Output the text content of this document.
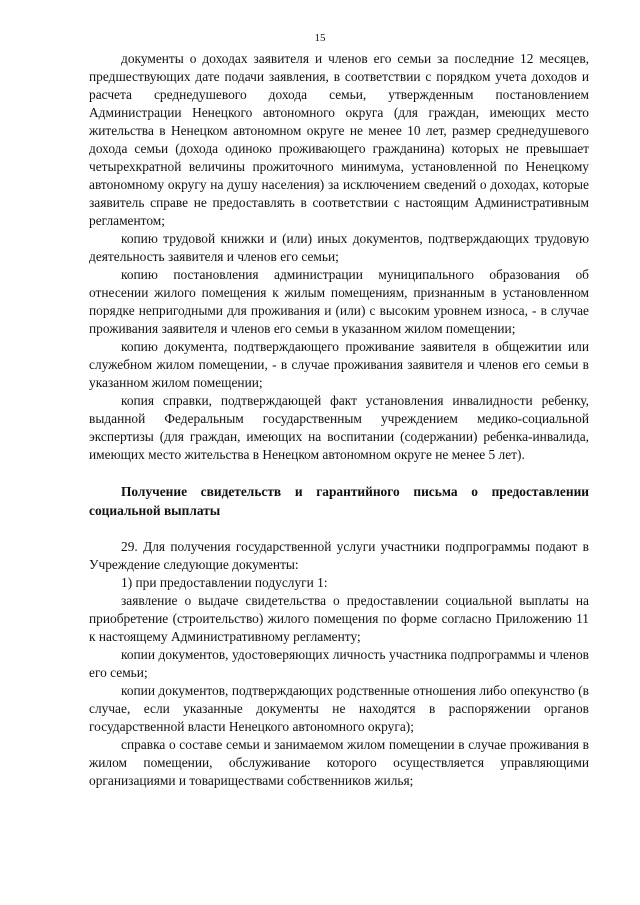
15

документы о доходах заявителя и членов его семьи за последние 12 месяцев, предшествующих дате подачи заявления, в соответствии с порядком учета доходов и расчета среднедушевого дохода семьи, утвержденным постановлением Администрации Ненецкого автономного округа (для граждан, имеющих место жительства в Ненецком автономном округе не менее 10 лет, размер среднедушевого дохода семьи (дохода одиноко проживающего гражданина) которых не превышает четырехкратной величины прожиточного минимума, установленной по Ненецкому автономному округу на душу населения) за исключением сведений о доходах, которые заявитель справе не предоставлять в соответствии с настоящим Административным регламентом;

копию трудовой книжки и (или) иных документов, подтверждающих трудовую деятельность заявителя и членов его семьи;

копию постановления администрации муниципального образования об отнесении жилого помещения к жилым помещениям, признанным в установленном порядке непригодными для проживания и (или) с высоким уровнем износа, - в случае проживания заявителя и членов его семьи в указанном жилом помещении;

копию документа, подтверждающего проживание заявителя в общежитии или служебном жилом помещении, - в случае проживания заявителя и членов его семьи в указанном жилом помещении;

копия справки, подтверждающей факт установления инвалидности ребенку, выданной Федеральным государственным учреждением медико-социальной экспертизы (для граждан, имеющих на воспитании (содержании) ребенка-инвалида, имеющих место жительства в Ненецком автономном округе не менее 5 лет).

Получение свидетельств и гарантийного письма о предоставлении социальной выплаты

29. Для получения государственной услуги участники подпрограммы подают в Учреждение следующие документы:

1) при предоставлении подуслуги 1:

заявление о выдаче свидетельства о предоставлении социальной выплаты на приобретение (строительство) жилого помещения по форме согласно Приложению 11 к настоящему Административному регламенту;

копии документов, удостоверяющих личность участника подпрограммы и членов его семьи;

копии документов, подтверждающих родственные отношения либо опекунство (в случае, если указанные документы не находятся в распоряжении органов государственной власти Ненецкого автономного округа);

справка о составе семьи и занимаемом жилом помещении в случае проживания в жилом помещении, обслуживание которого осуществляется управляющими организациями и товариществами собственников жилья;
